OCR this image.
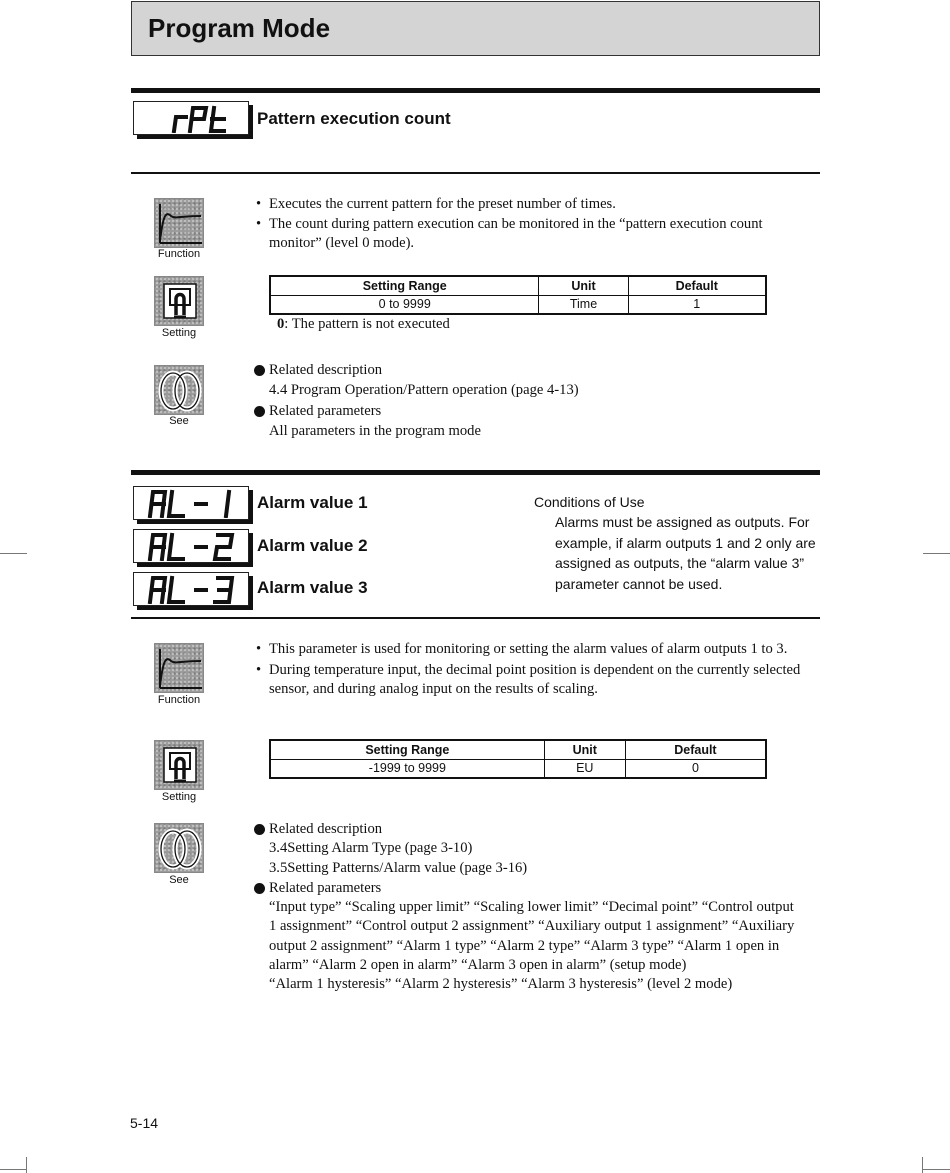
Program Mode
Pattern execution count
Function
• Executes the current pattern for the preset number of times.
• The count during pattern execution can be monitored in the “pattern execution count monitor” (level 0 mode).
Setting
Setting Range	Unit	Default
0 to 9999	Time	1
0: The pattern is not executed
See
Related description
4.4 Program Operation/Pattern operation (page 4-13)
Related parameters
All parameters in the program mode
Alarm value 1
Alarm value 2
Alarm value 3
Conditions of Use
Alarms must be assigned as outputs. For example, if alarm outputs 1 and 2 only are assigned as outputs, the “alarm value 3” parameter cannot be used.
Function
• This parameter is used for monitoring or setting the alarm values of alarm outputs 1 to 3.
• During temperature input, the decimal point position is dependent on the currently selected sensor, and during analog input on the results of scaling.
Setting
Setting Range	Unit	Default
-1999 to 9999	EU	0
See
Related description
3.4Setting Alarm Type (page 3-10)
3.5Setting Patterns/Alarm value (page 3-16)
Related parameters
“Input type” “Scaling upper limit” “Scaling lower limit” “Decimal point” “Control output 1 assignment” “Control output 2 assignment” “Auxiliary output 1 assignment” “Auxiliary output 2 assignment” “Alarm 1 type” “Alarm 2 type” “Alarm 3 type” “Alarm 1 open in alarm” “Alarm 2 open in alarm” “Alarm 3 open in alarm” (setup mode)
“Alarm 1 hysteresis” “Alarm 2 hysteresis” “Alarm 3 hysteresis” (level 2 mode)
5-14
